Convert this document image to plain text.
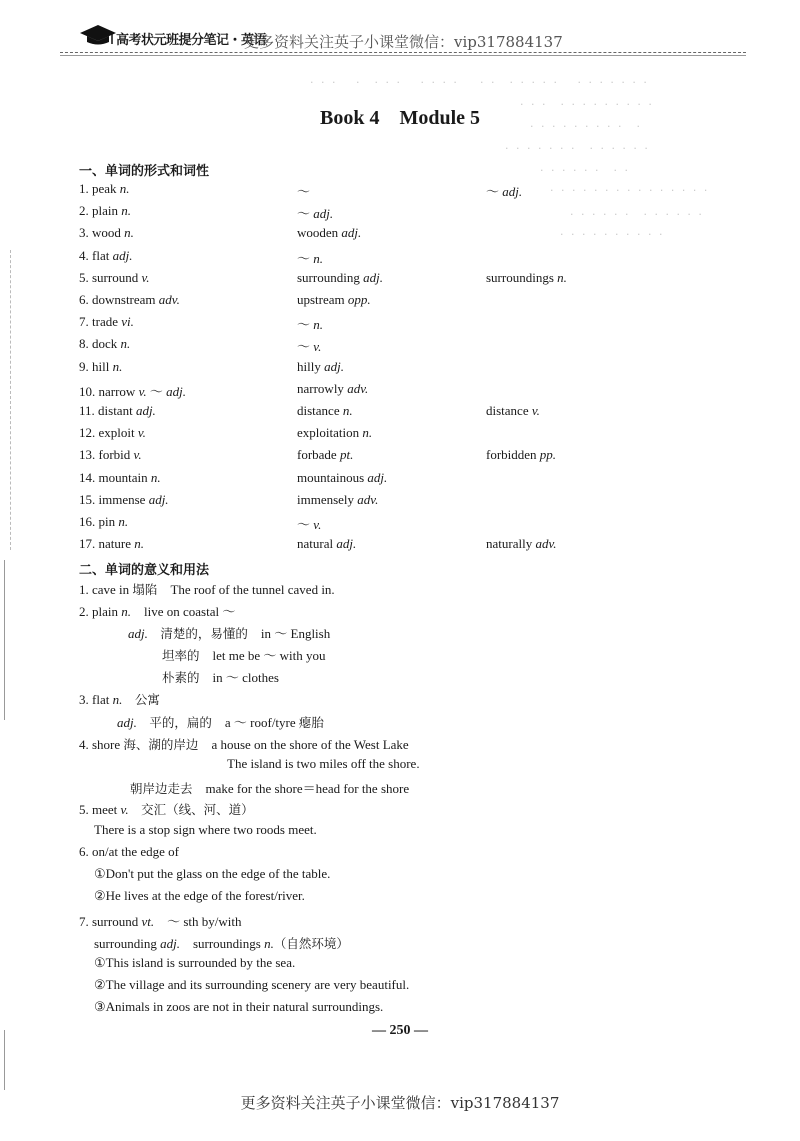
高考状元班提分笔记・英语
更多资料关注英子小课堂微信：vip317884137
· · ·　 ·　· · ·　 · · · · · ·　· · · · ·　 · · · · · · ·
· · ·　· · · · · · · · ·
· · · · · · · · ·　·
· · · · · · ·　· · · · · ·
· · · · · ·　· ·
· · · · · · · · · · · · · · ·
· · · · · ·　· · · · · ·
· · · · · · · · · ·
Book 4　Module 5
一、单词的形式和词性
1. peak n.	～	～ adj.
2. plain n.	～ adj.
3. wood n.	wooden adj.
4. flat adj.	～ n.
5. surround v.	surrounding adj.	surroundings n.
6. downstream adv.	upstream opp.
7. trade vi.	～ n.
8. dock n.	～ v.
9. hill n.	hilly adj.
10. narrow v. ～ adj.	narrowly adv.
11. distant adj.	distance n.	distance v.
12. exploit v.	exploitation n.
13. forbid v.	forbade pt.	forbidden pp.
14. mountain n.	mountainous adj.
15. immense adj.	immensely adv.
16. pin n.	～ v.
17. nature n.	natural adj.	naturally adv.
二、单词的意义和用法
1. cave in 塌陷　The roof of the tunnel caved in.
2. plain n.　live on coastal ～
adj.　清楚的，易懂的　in ～ English
坦率的　let me be ～ with you
朴素的　in ～ clothes
3. flat n.　公寓
adj.　平的，扁的　a ～ roof/tyre 瘪胎
4. shore 海、湖的岸边　a house on the shore of the West Lake
The island is two miles off the shore.
朝岸边走去　make for the shore＝head for the shore
5. meet v.　交汇（线、河、道）
There is a stop sign where two roods meet.
6. on/at the edge of
①Don't put the glass on the edge of the table.
②He lives at the edge of the forest/river.
7. surround vt.　～ sth by/with
surrounding adj.　surroundings n.（自然环境）
①This island is surrounded by the sea.
②The village and its surrounding scenery are very beautiful.
③Animals in zoos are not in their natural surroundings.
— 250 —
更多资料关注英子小课堂微信：vip317884137
